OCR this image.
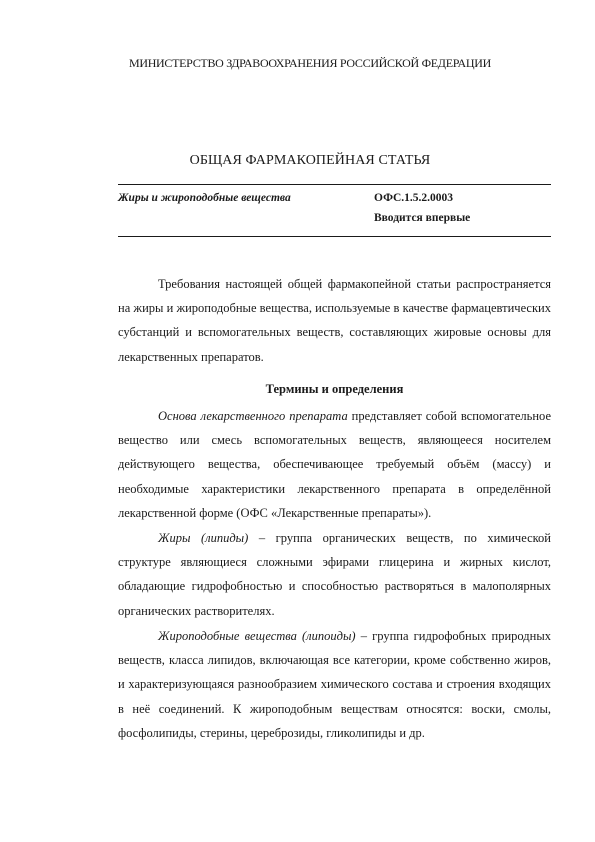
МИНИСТЕРСТВО ЗДРАВООХРАНЕНИЯ РОССИЙСКОЙ ФЕДЕРАЦИИ
ОБЩАЯ ФАРМАКОПЕЙНАЯ СТАТЬЯ
Жиры и жироподобные вещества	ОФС.1.5.2.0003
Вводится впервые

Требования настоящей общей фармакопейной статьи распространяется на жиры и жироподобные вещества, используемые в качестве фармацевтических субстанций и вспомогательных веществ, составляющих жировые основы для лекарственных препаратов.

Термины и определения

Основа лекарственного препарата представляет собой вспомогательное вещество или смесь вспомогательных веществ, являющееся носителем действующего вещества, обеспечивающее требуемый объём (массу) и необходимые характеристики лекарственного препарата в определённой лекарственной форме (ОФС «Лекарственные препараты»).

Жиры (липиды) – группа органических веществ, по химической структуре являющиеся сложными эфирами глицерина и жирных кислот, обладающие гидрофобностью и способностью растворяться в малополярных органических растворителях.

Жироподобные вещества (липоиды) – группа гидрофобных природных веществ, класса липидов, включающая все категории, кроме собственно жиров, и характеризующаяся разнообразием химического состава и строения входящих в неё соединений. К жироподобным веществам относятся: воски, смолы, фосфолипиды, стерины, цереброзиды, гликолипиды и др.
